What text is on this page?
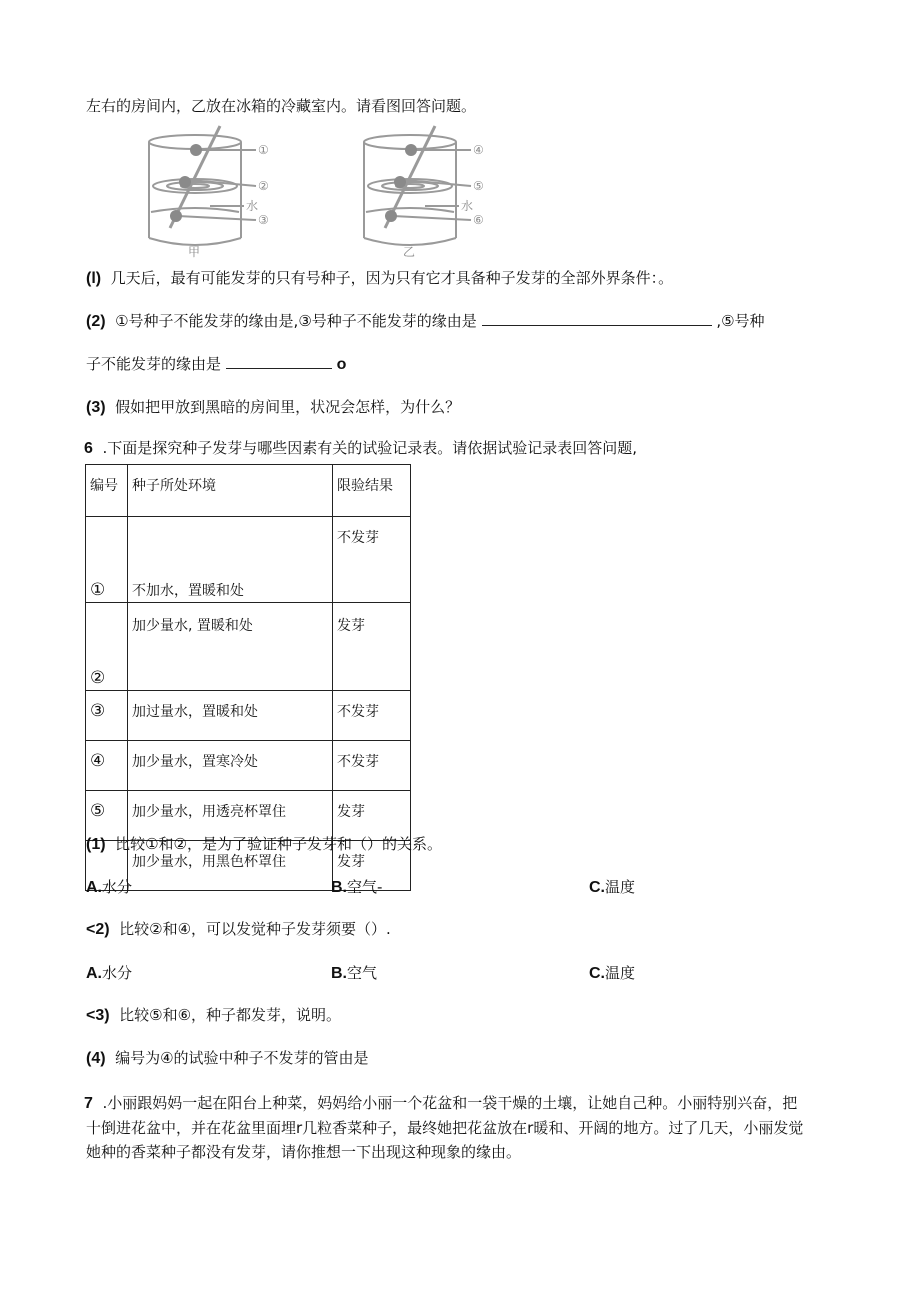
左右的房间内，乙放在冰箱的冷藏室内。请看图回答问题。
①
②
水
③
甲
④
⑤
水
⑥
乙
(l) 几天后，最有可能发芽的只有号种子，因为只有它才具备种子发芽的全部外界条件：。
(2) ①号种子不能发芽的缘由是,③号种子不能发芽的缘由是	,⑤号种
子不能发芽的缘由是	o
(3) 假如把甲放到黑暗的房间里，状况会怎样，为什么？
6 .下面是探究种子发芽与哪些因素有关的试验记录表。请依据试验记录表回答问题,
编号	种子所处环境	限验结果
①	不加水，置暖和处	不发芽
②	加少量水, 置暖和处	发芽
③	加过量水，置暖和处	不发芽
④	加少量水，置寒冷处	不发芽
⑤	加少量水，用透亮杯罩住	发芽
	加少量水，用黑色杯罩住	发芽
(1) 比较①和②，是为了验证种子发芽和（）的关系。
A.水分	B.空气-	C.温度
<2) 比较②和④，可以发觉种子发芽须要（）.
A.水分	B.空气	C.温度
<3) 比较⑤和⑥，种子都发芽，说明。
(4) 编号为④的试验中种子不发芽的管由是
7 .小丽跟妈妈一起在阳台上种菜，妈妈给小丽一个花盆和一袋干燥的土壤，让她自己种。小丽特别兴奋，把
十倒进花盆中，并在花盆里面埋r几粒香菜种子，最终她把花盆放在r暖和、开阔的地方。过了几天，小丽发觉
她种的香菜种子都没有发芽，请你推想一下出现这种现象的缘由。
